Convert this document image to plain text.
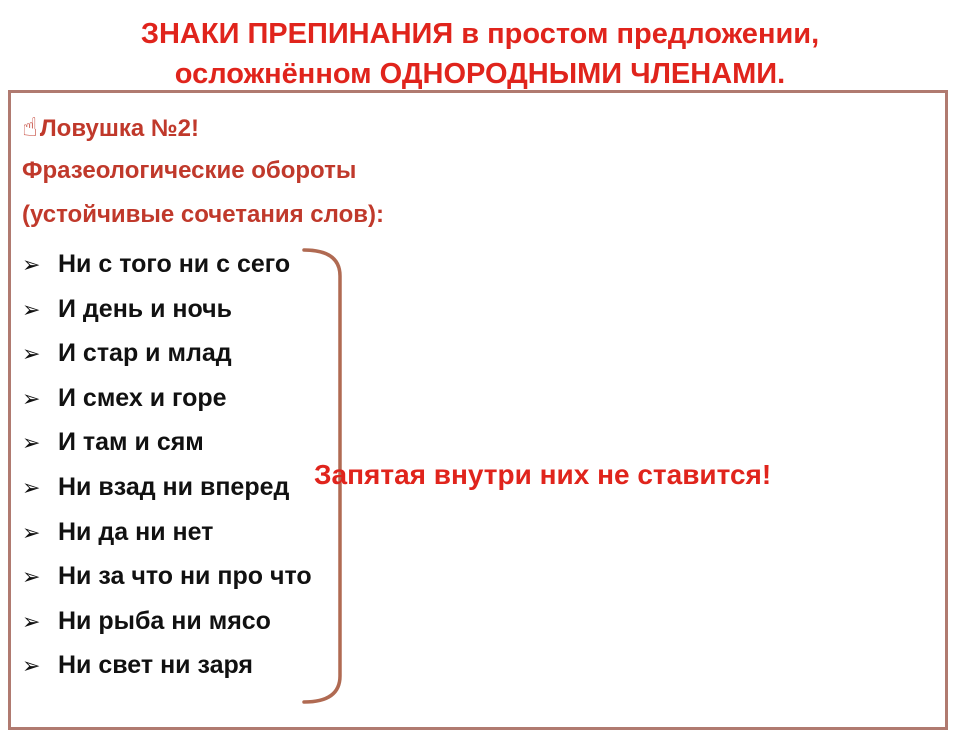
ЗНАКИ ПРЕПИНАНИЯ в простом предложении,
осложнённом ОДНОРОДНЫМИ ЧЛЕНАМИ.
☝Ловушка №2!
Фразеологические обороты
(устойчивые сочетания слов):
➢ Ни с того ни с сего
➢ И день и ночь
➢ И стар и млад
➢ И смех и горе
➢ И там и сям
➢ Ни взад ни вперед
➢ Ни да ни нет
➢ Ни за что ни про что
➢ Ни рыба ни мясо
➢ Ни свет ни заря
Запятая внутри них не ставится!
